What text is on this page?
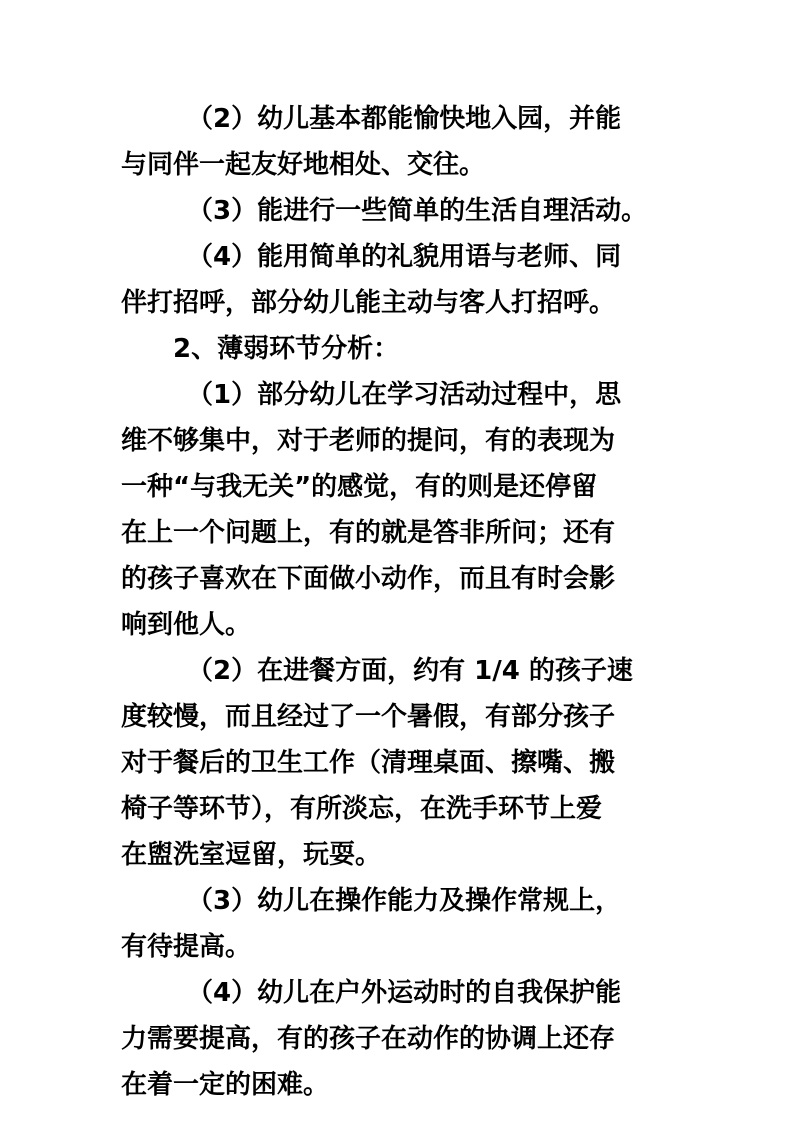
（2）幼儿基本都能愉快地入园，并能
与同伴一起友好地相处、交往。
（3）能进行一些简单的生活自理活动。
（4）能用简单的礼貌用语与老师、同
伴打招呼，部分幼儿能主动与客人打招呼。
2、薄弱环节分析：
（1）部分幼儿在学习活动过程中，思
维不够集中，对于老师的提问，有的表现为
一种“与我无关”的感觉，有的则是还停留
在上一个问题上，有的就是答非所问；还有
的孩子喜欢在下面做小动作，而且有时会影
响到他人。
（2）在进餐方面，约有 1/4 的孩子速
度较慢，而且经过了一个暑假，有部分孩子
对于餐后的卫生工作（清理桌面、擦嘴、搬
椅子等环节），有所淡忘，在洗手环节上爱
在盥洗室逗留，玩耍。
（3）幼儿在操作能力及操作常规上，
有待提高。
（4）幼儿在户外运动时的自我保护能
力需要提高，有的孩子在动作的协调上还存
在着一定的困难。
